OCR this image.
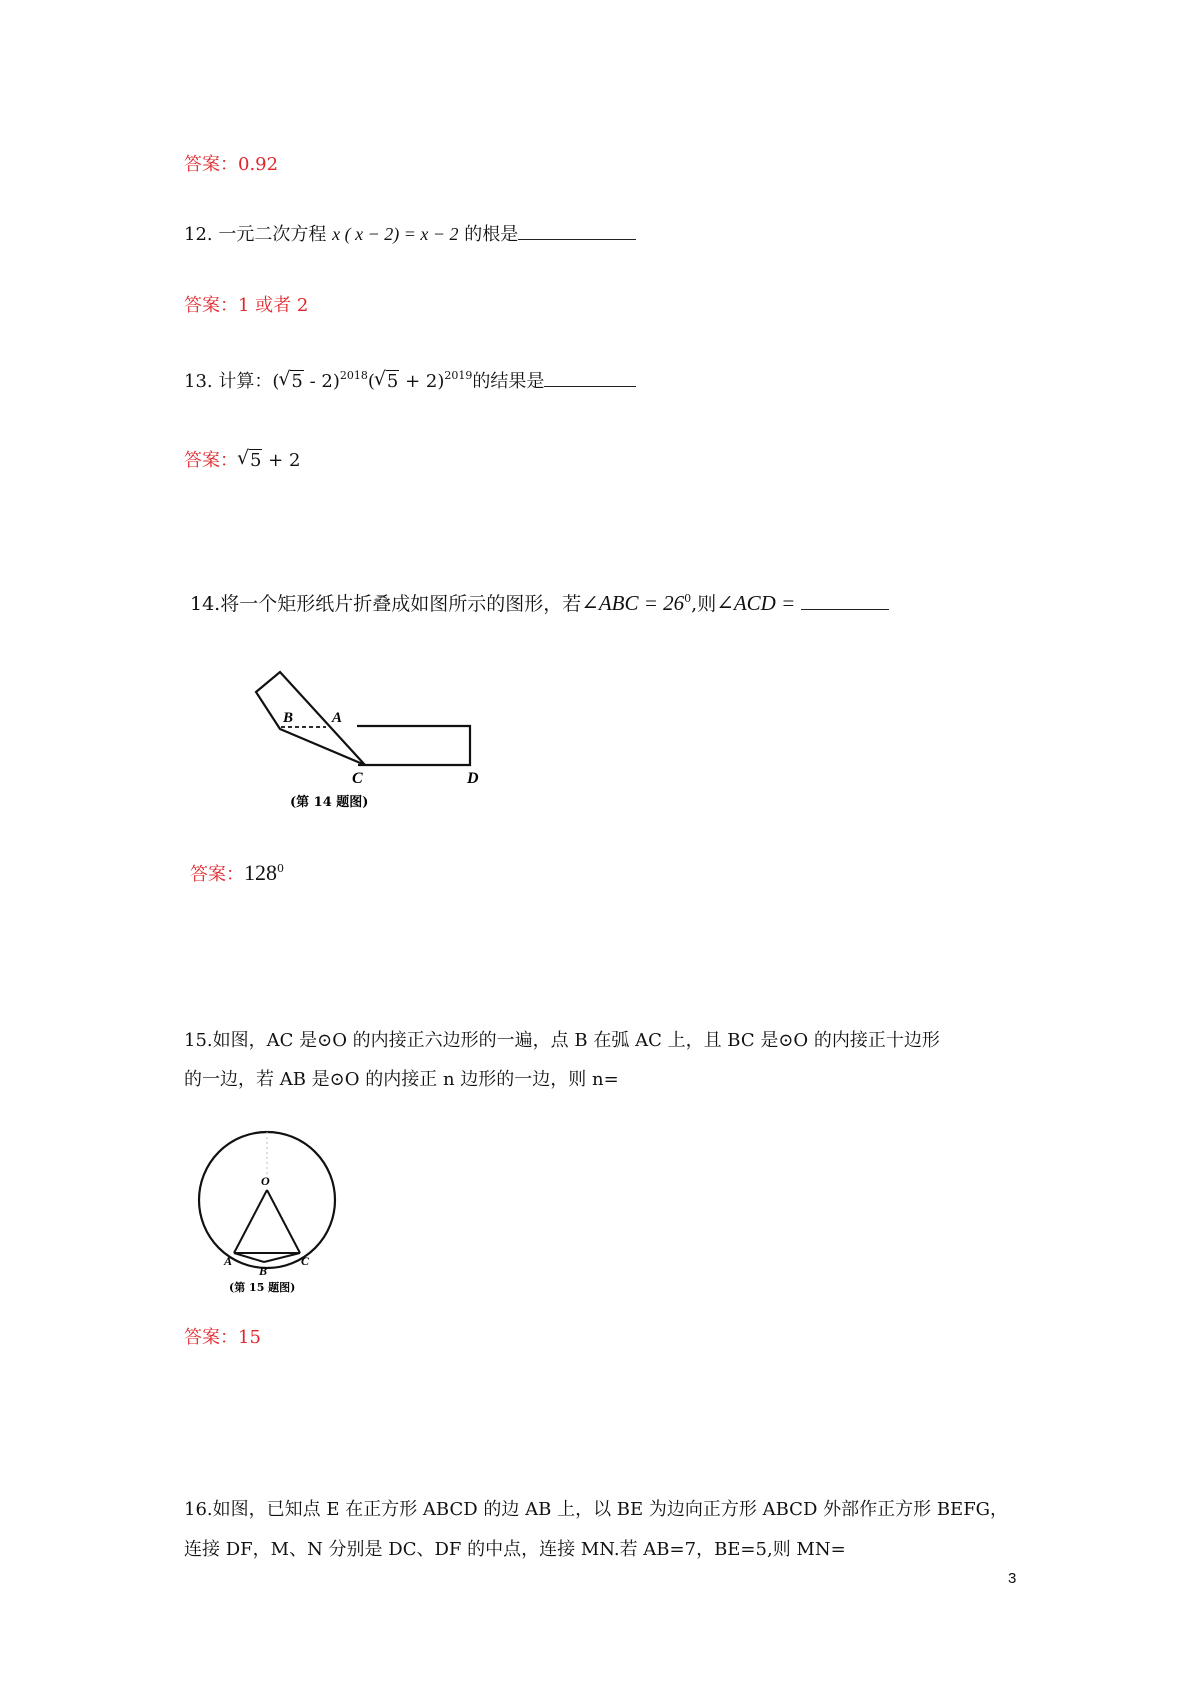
答案：0.92
12. 一元二次方程 x ( x − 2) = x − 2 的根是
答案：1 或者 2
13. 计算：( √ 5 - 2)$^{2018}$( √ 5 + 2)$^{2019}$的结果是
答案： √ 5 + 2
14.将一个矩形纸片折叠成如图所示的图形，若∠ABC = $26^0$,则∠ACD =
B	A
C	D
(第 14 题图)
答案：$128^0$
15.如图，AC 是⊙O 的内接正六边形的一遍，点 B 在弧 AC 上，且 BC 是⊙O 的内接正十边形
的一边，若 AB 是⊙O 的内接正 n 边形的一边，则 n=
O
A
B
C
(第 15 题图)
答案：15
16.如图，已知点 E 在正方形 ABCD 的边 AB 上，以 BE 为边向正方形 ABCD 外部作正方形 BEFG，
连接 DF，M、N 分别是 DC、DF 的中点，连接 MN.若 AB=7，BE=5,则 MN=
3
